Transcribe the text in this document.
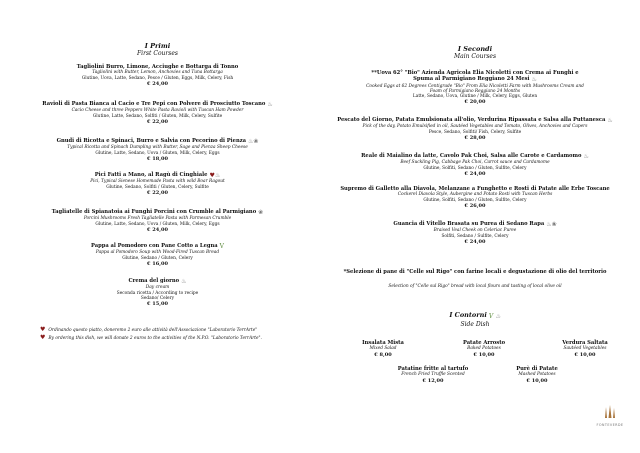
I Primi
First Courses
Tagliolini Burro, Limone, Acciughe e Bottarga di Tonno
Tagliolini with Butter, Lemon, Anchovies and Tuna Bottarga
Glutine, Uova, Latte, Sedano, Pesce / Gluten, Eggs, Milk, Celery, Fish
€ 24,00
Ravioli di Pasta Bianca al Cacio e Tre Pepi con Polvere di Prosciutto Toscano ♨
Cacio Cheese and three Peppers White Pasta Ravioli with Tuscan Ham Powder
Glutine, Latte, Sedano, Solfiti / Gluten, Milk, Celery, Sulfite
€ 22,00
Gnudi di Ricotta e Spinaci, Burro e Salvia con Pecorino di Pienza ♨❀
Typical Ricotta and Spinach Dumpling with Butter, Sage and Pienza Sheep Cheese
Glutine, Latte, Sedano, Uova / Gluten, Milk, Celery, Eggs
€ 18,00
Pici Fatti a Mano, al Ragù di Cinghiale ♥♨
Pici, Typical Sienese Homemade Pasta with wild Boar Ragout
Glutine, Sedano, Solfiti / Gluten, Celery, Sulfite
€ 22,00
Tagliatelle di Spianatoia ai Funghi Porcini con Crumble al Parmigiano ❀
Porcini Mushrooms Fresh Tagliatelle Pasta with Parmesan Crumble
Glutine, Latte, Sedano, Uova / Gluten, Milk, Celery, Eggs
€ 24,00
Pappa al Pomodoro con Pane Cotto a Legna V
Pappa al Pomodoro Soup with Wood-Fired Tuscan Bread
Glutine, Sedano / Gluten, Celery
€ 16,00
Crema del giorno ♨
Day cream
Seconda ricetta / According to recipe
Sedano/ Celery
€ 15,00
♥ Ordinando questo piatto, doneremo 2 euro alle attività dell'Associazione "Laboratorio TerrArte"
♥ By ordering this dish, we will donate 2 euros to the activities of the N.P.O. "Laboratorio TerrArte".
I Secondi
Main Courses
**Uova 62° "Bio" Azienda Agricola Elia Nicoletti con Crema ai Funghi e
Spuma al Parmigiano Reggiano 24 Mesi ♨
Cooked Eggs at 62 Degrees Centigrade "Bio" From Elia Nicoletti Farm with Mushrooms Cream and
Foam of Parmigiano Reggiano 24 Months
Latte, Sedano, Uova, Glutine / Milk, Celery, Eggs, Gluten
€ 20,00
Pescato del Giorno, Patata Emulsionata all'olio, Verdurina Ripassata e Salsa alla Puttanesca ♨
Pick of the day, Potato Emulsified in oil, Sautéed Vegetables and Tomato, Olives, Anchovies and Capers
Pesce, Sedano, Solfiti/ Fish, Celery, Sulfite
€ 28,00
Reale di Maialino da latte, Cavolo Pak Choi, Salsa alle Carote e Cardamomo ♨
Beef Suckling Pig, Cabbage Pak Choi, Carrot sauce and Cardamome
Glutine, Solfiti, Sedano / Gluten, Sulfite, Celery
€ 24,00
Supremo di Galletto alla Diavola, Melanzane a Funghetto e Rosti di Patate alle Erbe Toscane
Cockerel Diavola Style, Aubergine and Potato Rosti with Tuscan Herbs
Glutine, Solfiti, Sedano / Gluten, Sulfite, Celery
€ 26,00
Guancia di Vitello Brasata su Purea di Sedano Rapa ♨❀
Braised Veal Cheek on Celeriac Puree
Solfiti, Sedano / Sulfite, Celery
€ 24,00
*Selezione di pane di "Celle sul Rigo" con farine locali e degustazione di olio del territorio
Selection of "Celle sul Rigo" bread with local flours and tasting of local olive oil
I Contorni V ♨
Side Dish
Insalata Mista
Mixed Salad
€ 8,00
Patate Arrosto
Baked Potatoes
€ 10,00
Verdura Saltata
Sautéed Vegetables
€ 10,00
Patatine fritte al tartufo
French Fried Truffle Scented
€ 12,00
Purè di Patate
Mashed Potatoes
€ 10,00
FONTEVERDE
